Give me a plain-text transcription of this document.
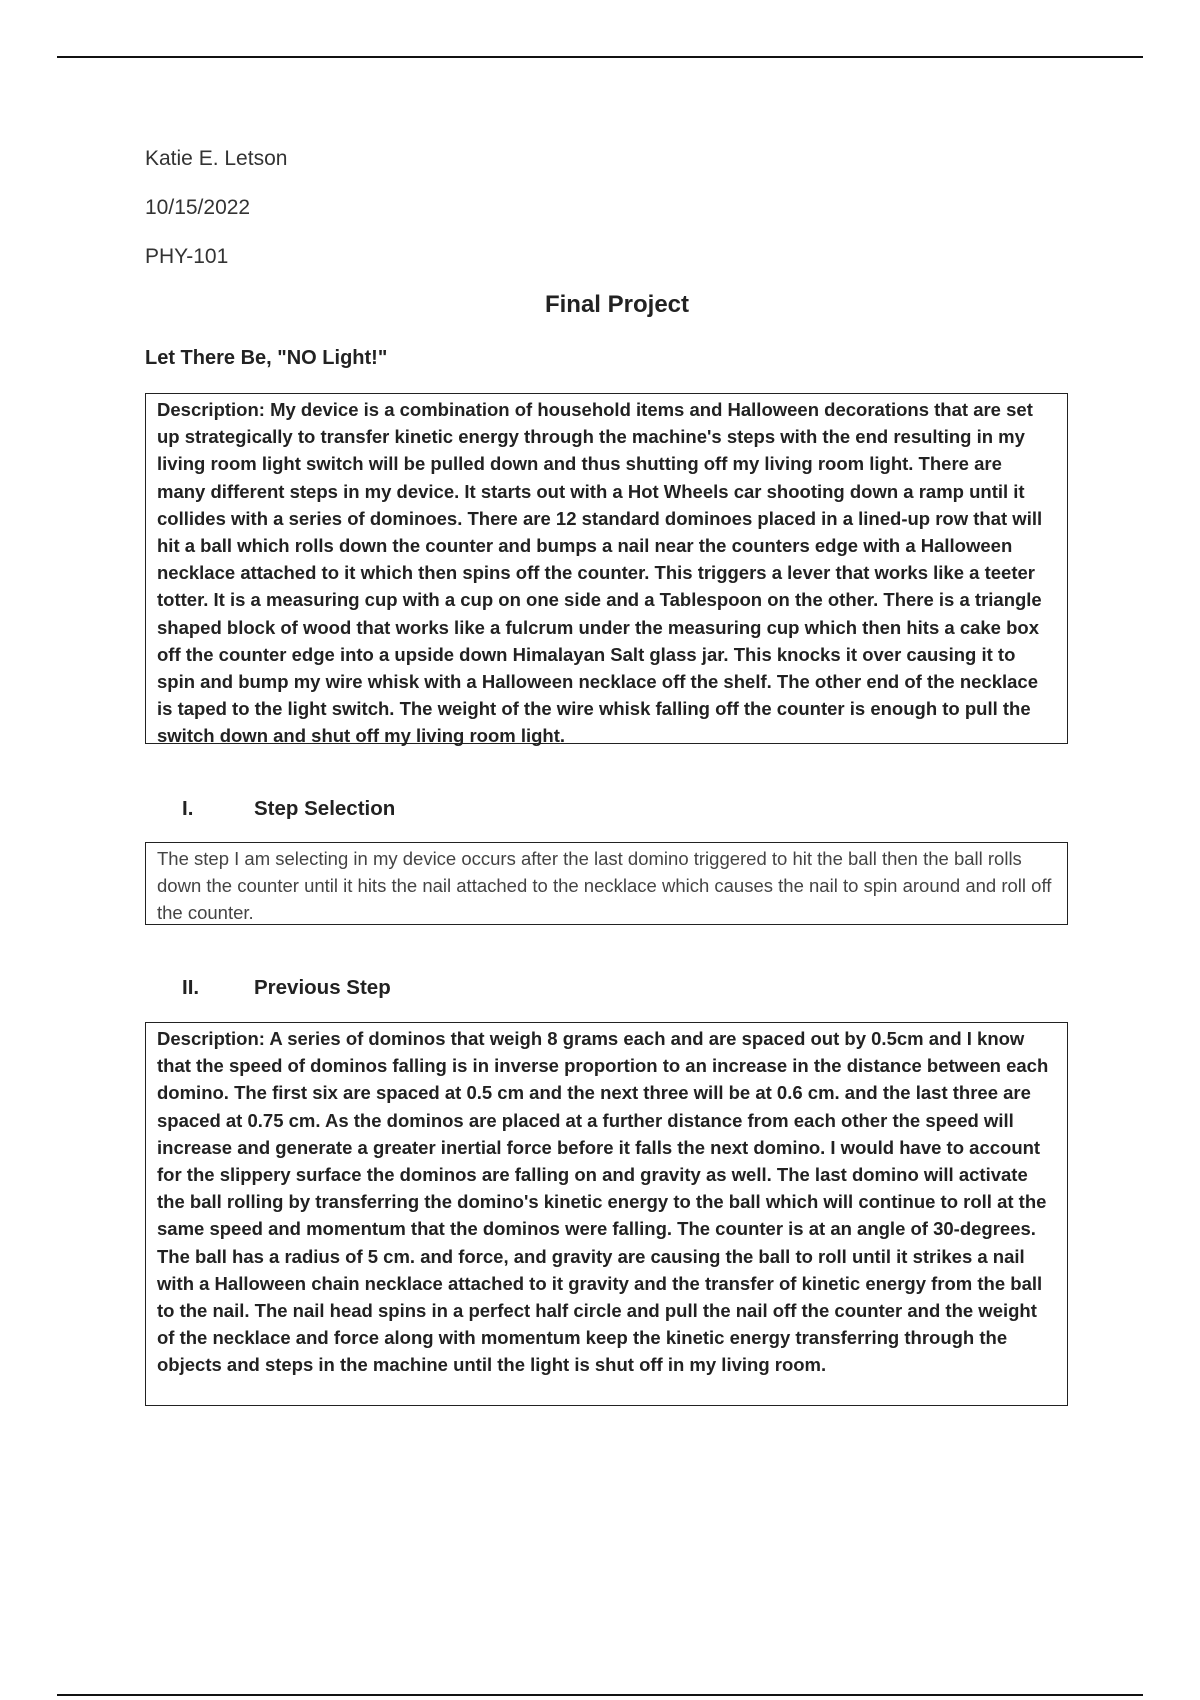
Katie E. Letson
10/15/2022
PHY-101
Final Project
Let There Be, "NO Light!"
Description: My device is a combination of household items and Halloween decorations that are set up strategically to transfer kinetic energy through the machine's steps with the end resulting in my living room light switch will be pulled down and thus shutting off my living room light. There are many different steps in my device. It starts out with a Hot Wheels car shooting down a ramp until it collides with a series of dominoes. There are 12 standard dominoes placed in a lined-up row that will hit a ball which rolls down the counter and bumps a nail near the counters edge with a Halloween necklace attached to it which then spins off the counter. This triggers a lever that works like a teeter totter. It is a measuring cup with a cup on one side and a Tablespoon on the other. There is a triangle shaped block of wood that works like a fulcrum under the measuring cup which then hits a cake box off the counter edge into a upside down Himalayan Salt glass jar. This knocks it over causing it to spin and bump my wire whisk with a Halloween necklace off the shelf. The other end of the necklace is taped to the light switch. The weight of the wire whisk falling off the counter is enough to pull the switch down and shut off my living room light.
I.	Step Selection
The step I am selecting in my device occurs after the last domino triggered to hit the ball then the ball rolls down the counter until it hits the nail attached to the necklace which causes the nail to spin around and roll off the counter.
II.	Previous Step
Description: A series of dominos that weigh 8 grams each and are spaced out by 0.5cm and I know that the speed of dominos falling is in inverse proportion to an increase in the distance between each domino. The first six are spaced at 0.5 cm and the next three will be at 0.6 cm. and the last three are spaced at 0.75 cm. As the dominos are placed at a further distance from each other the speed will increase and generate a greater inertial force before it falls the next domino. I would have to account for the slippery surface the dominos are falling on and gravity as well. The last domino will activate the ball rolling by transferring the domino's kinetic energy to the ball which will continue to roll at the same speed and momentum that the dominos were falling. The counter is at an angle of 30-degrees. The ball has a radius of 5 cm. and force, and gravity are causing the ball to roll until it strikes a nail with a Halloween chain necklace attached to it gravity and the transfer of kinetic energy from the ball to the nail. The nail head spins in a perfect half circle and pull the nail off the counter and the weight of the necklace and force along with momentum keep the kinetic energy transferring through the objects and steps in the machine until the light is shut off in my living room.
